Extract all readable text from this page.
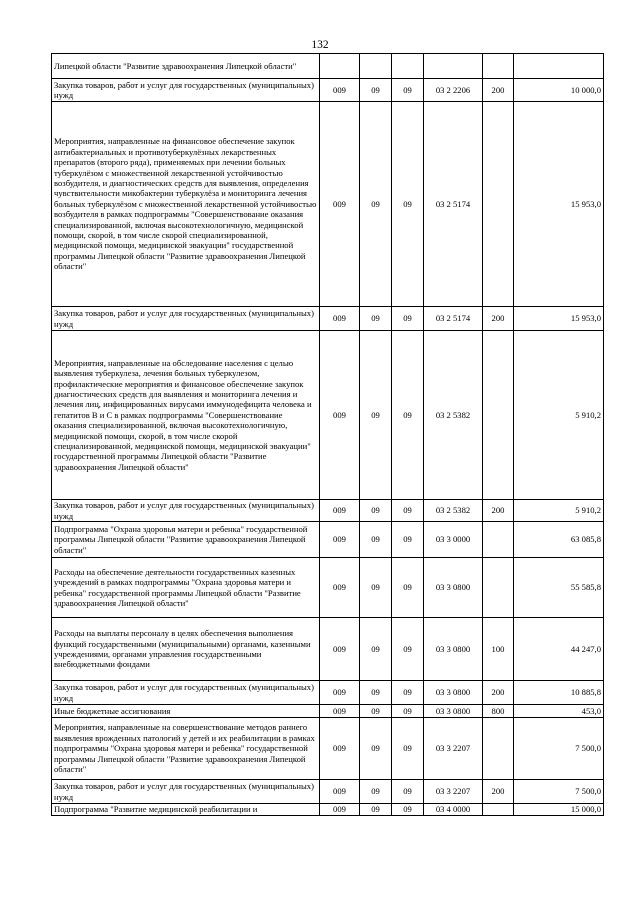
132
Липецкой области "Развитие здравоохранения Липецкой области"						
Закупка товаров, работ и услуг для государственных (муниципальных) нужд	009	09	09	03 2 2206	200	10 000,0
Мероприятия, направленные на финансовое обеспечение закупок антибактериальных и противотуберкулёзных лекарственных препаратов (второго ряда), применяемых при лечении больных туберкулёзом с множественной лекарственной устойчивостью возбудителя, и диагностических средств для выявления, определения чувствительности микобактерии туберкулёза и мониторинга лечения больных туберкулёзом с множественной лекарственной устойчивостью возбудителя в рамках подпрограммы "Совершенствование оказания специализированной, включая высокотехнологичную, медицинской помощи, скорой, в том числе скорой специализированной, медицинской помощи, медицинской эвакуации" государственной программы Липецкой области "Развитие здравоохранения Липецкой области"	009	09	09	03 2 5174		15 953,0
Закупка товаров, работ и услуг для государственных (муниципальных) нужд	009	09	09	03 2 5174	200	15 953,0
Мероприятия, направленные на обследование населения с целью выявления туберкулеза, лечения больных туберкулезом, профилактические мероприятия и финансовое обеспечение закупок диагностических средств для выявления и мониторинга лечения и лечения лиц, инфицированных вирусами иммунодефицита человека и гепатитов В и С в рамках подпрограммы "Совершенствование оказания специализированной, включая высокотехнологичную, медицинской помощи, скорой, в том числе скорой специализированной, медицинской помощи, медицинской эвакуации" государственной программы Липецкой области "Развитие здравоохранения Липецкой области"	009	09	09	03 2 5382		5 910,2
Закупка товаров, работ и услуг для государственных (муниципальных) нужд	009	09	09	03 2 5382	200	5 910,2
Подпрограмма "Охрана здоровья матери и ребенка" государственной программы Липецкой области "Развитие здравоохранения Липецкой области"	009	09	09	03 3 0000		63 085,8
Расходы на обеспечение деятельности государственных казенных учреждений в рамках подпрограммы "Охрана здоровья матери и ребенка" государственной программы Липецкой области "Развитие здравоохранения Липецкой области"	009	09	09	03 3 0800		55 585,8
Расходы на выплаты персоналу в целях обеспечения выполнения функций государственными (муниципальными) органами, казенными учреждениями, органами управления государственными внебюджетными фондами	009	09	09	03 3 0800	100	44 247,0
Закупка товаров, работ и услуг для государственных (муниципальных) нужд	009	09	09	03 3 0800	200	10 885,8
Иные бюджетные ассигнования	009	09	09	03 3 0800	800	453,0
Мероприятия, направленные на совершенствование методов раннего выявления врожденных патологий у детей и их реабилитации в рамках подпрограммы "Охрана здоровья матери и ребенка" государственной программы Липецкой области "Развитие здравоохранения Липецкой области"	009	09	09	03 3 2207		7 500,0
Закупка товаров, работ и услуг для государственных (муниципальных) нужд	009	09	09	03 3 2207	200	7 500,0
Подпрограмма "Развитие медицинской реабилитации и	009	09	09	03 4 0000		15 000,0
